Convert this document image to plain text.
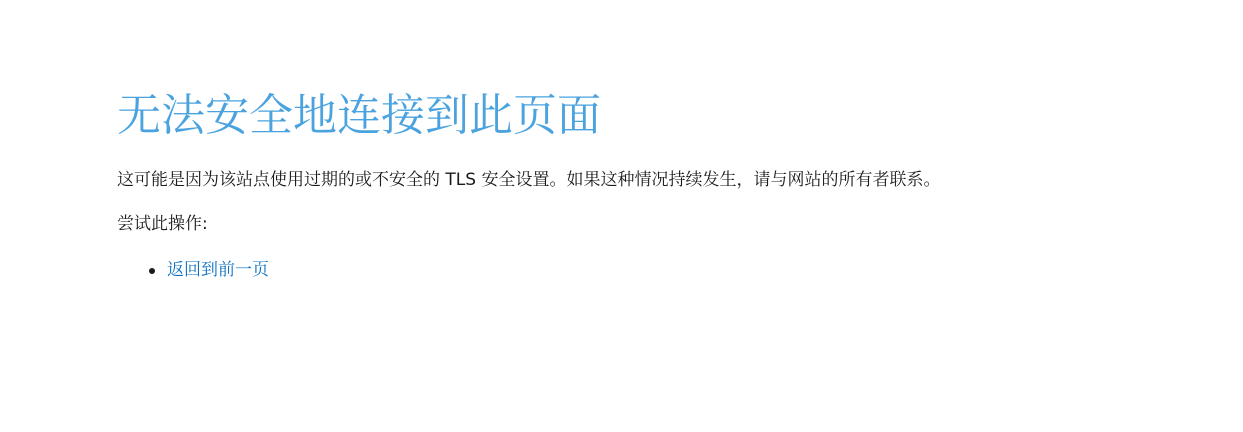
无法安全地连接到此页面

这可能是因为该站点使用过期的或不安全的 TLS 安全设置。如果这种情况持续发生，请与网站的所有者联系。

尝试此操作:

返回到前一页
